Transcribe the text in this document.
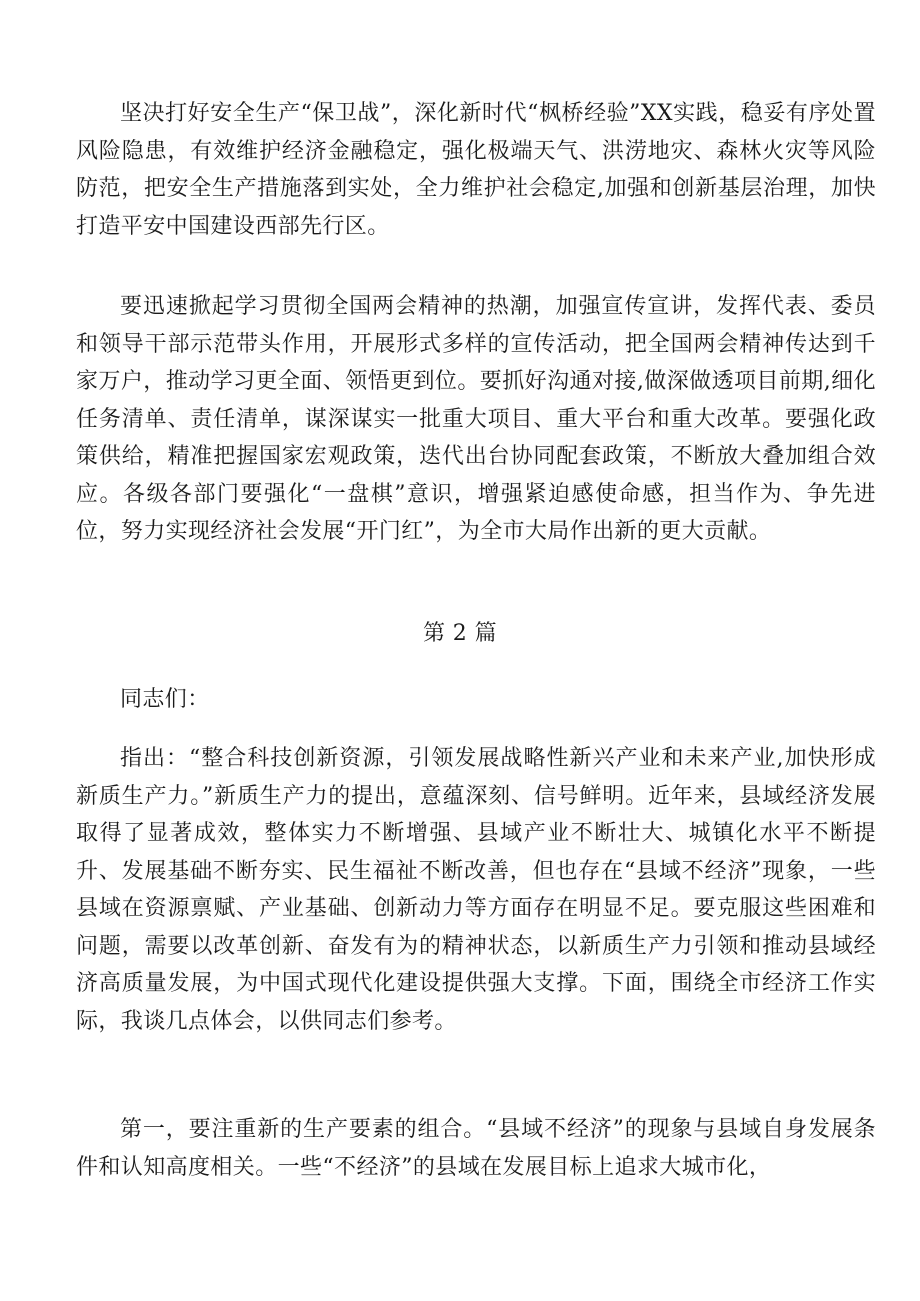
坚决打好安全生产“保卫战”，深化新时代“枫桥经验”XX实践，稳妥有序处置风险隐患，有效维护经济金融稳定，强化极端天气、洪涝地灾、森林火灾等风险防范，把安全生产措施落到实处，全力维护社会稳定,加强和创新基层治理，加快打造平安中国建设西部先行区。

要迅速掀起学习贯彻全国两会精神的热潮，加强宣传宣讲，发挥代表、委员和领导干部示范带头作用，开展形式多样的宣传活动，把全国两会精神传达到千家万户，推动学习更全面、领悟更到位。要抓好沟通对接,做深做透项目前期,细化任务清单、责任清单，谋深谋实一批重大项目、重大平台和重大改革。要强化政策供给，精准把握国家宏观政策，迭代出台协同配套政策，不断放大叠加组合效应。各级各部门要强化“一盘棋”意识，增强紧迫感使命感，担当作为、争先进位，努力实现经济社会发展“开门红”，为全市大局作出新的更大贡献。

第 2 篇

同志们：

指出：“整合科技创新资源，引领发展战略性新兴产业和未来产业,加快形成新质生产力。”新质生产力的提出，意蕴深刻、信号鲜明。近年来，县域经济发展取得了显著成效，整体实力不断增强、县域产业不断壮大、城镇化水平不断提升、发展基础不断夯实、民生福祉不断改善，但也存在“县域不经济”现象，一些县域在资源禀赋、产业基础、创新动力等方面存在明显不足。要克服这些困难和问题，需要以改革创新、奋发有为的精神状态，以新质生产力引领和推动县域经济高质量发展，为中国式现代化建设提供强大支撑。下面，围绕全市经济工作实际，我谈几点体会，以供同志们参考。

第一，要注重新的生产要素的组合。“县域不经济”的现象与县域自身发展条件和认知高度相关。一些“不经济”的县域在发展目标上追求大城市化，
